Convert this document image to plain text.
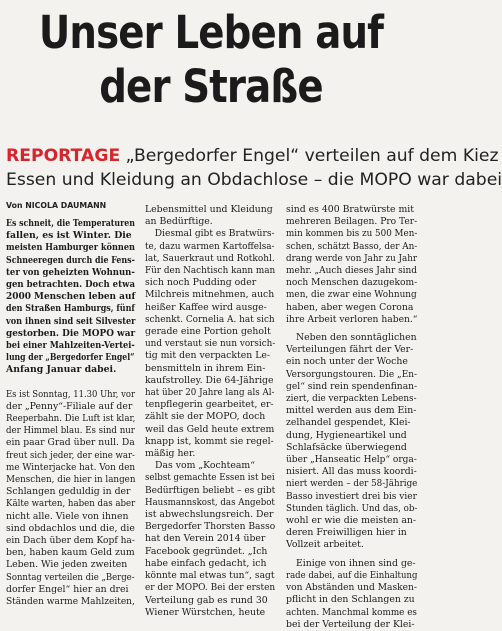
Unser Leben auf
der Straße
REPORTAGE „Bergedorfer Engel“ verteilen auf dem Kiez
Essen und Kleidung an Obdachlose – die MOPO war dabei
Von NICOLA DAUMANN
Es schneit, die Temperaturen
fallen, es ist Winter. Die
meisten Hamburger können
Schneeregen durch die Fens-
ter von geheizten Wohnun-
gen betrachten. Doch etwa
2000 Menschen leben auf
den Straßen Hamburgs, fünf
von ihnen sind seit Silvester
gestorben. Die MOPO war
bei einer Mahlzeiten-Vertei-
lung der „Bergedorfer Engel“
Anfang Januar dabei.
Es ist Sonntag, 11.30 Uhr, vor
der „Penny“-Filiale auf der
Reeperbahn. Die Luft ist klar,
der Himmel blau. Es sind nur
ein paar Grad über null. Da
freut sich jeder, der eine war-
me Winterjacke hat. Von den
Menschen, die hier in langen
Schlangen geduldig in der
Kälte warten, haben das aber
nicht alle. Viele von ihnen
sind obdachlos und die, die
ein Dach über dem Kopf ha-
ben, haben kaum Geld zum
Leben. Wie jeden zweiten
Sonntag verteilen die „Berge-
dorfer Engel“ hier an drei
Ständen warme Mahlzeiten,
Lebensmittel und Kleidung
an Bedürftige.
Diesmal gibt es Bratwürs-
te, dazu warmen Kartoffelsa-
lat, Sauerkraut und Rotkohl.
Für den Nachtisch kann man
sich noch Pudding oder
Milchreis mitnehmen, auch
heißer Kaffee wird ausge-
schenkt. Cornelia A. hat sich
gerade eine Portion geholt
und verstaut sie nun vorsich-
tig mit den verpackten Le-
bensmitteln in ihrem Ein-
kaufstrolley. Die 64-Jährige
hat über 20 Jahre lang als Al-
tenpflegerin gearbeitet, er-
zählt sie der MOPO, doch
weil das Geld heute extrem
knapp ist, kommt sie regel-
mäßig her.
Das vom „Kochteam“
selbst gemachte Essen ist bei
Bedürftigen beliebt – es gibt
Hausmannskost, das Angebot
ist abwechslungsreich. Der
Bergedorfer Thorsten Basso
hat den Verein 2014 über
Facebook gegründet. „Ich
habe einfach gedacht, ich
könnte mal etwas tun“, sagt
er der MOPO. Bei der ersten
Verteilung gab es rund 30
Wiener Würstchen, heute
sind es 400 Bratwürste mit
mehreren Beilagen. Pro Ter-
min kommen bis zu 500 Men-
schen, schätzt Basso, der An-
drang werde von Jahr zu Jahr
mehr. „Auch dieses Jahr sind
noch Menschen dazugekom-
men, die zwar eine Wohnung
haben, aber wegen Corona
ihre Arbeit verloren haben.“
Neben den sonntäglichen
Verteilungen fährt der Ver-
ein noch unter der Woche
Versorgungstouren. Die „En-
gel“ sind rein spendenfinan-
ziert, die verpackten Lebens-
mittel werden aus dem Ein-
zelhandel gespendet, Klei-
dung, Hygieneartikel und
Schlafsäcke überwiegend
über „Hanseatic Help“ orga-
nisiert. All das muss koordi-
niert werden – der 58-Jährige
Basso investiert drei bis vier
Stunden täglich. Und das, ob-
wohl er wie die meisten an-
deren Freiwilligen hier in
Vollzeit arbeitet.
Einige von ihnen sind ge-
rade dabei, auf die Einhaltung
von Abständen und Masken-
pflicht in den Schlangen zu
achten. Manchmal komme es
bei der Verteilung der Klei-
